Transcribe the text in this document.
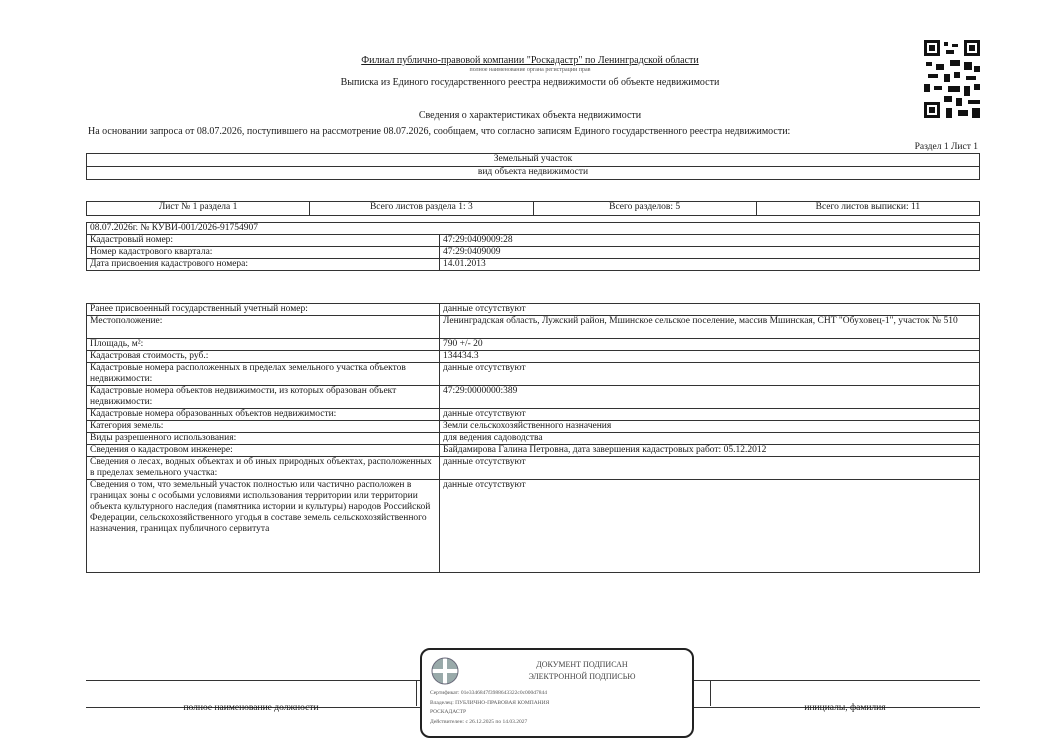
Филиал публично-правовой компании "Роскадастр" по Ленинградской области
полное наименование органа регистрации прав
Выписка из Единого государственного реестра недвижимости об объекте недвижимости
Сведения о характеристиках объекта недвижимости
На основании запроса от 08.07.2026, поступившего на рассмотрение 08.07.2026, сообщаем, что согласно записям Единого государственного реестра недвижимости:
Раздел 1 Лист 1
Земельный участок
вид объекта недвижимости
Лист № 1 раздела 1	Всего листов раздела 1: 3	Всего разделов: 5	Всего листов выписки: 11
08.07.2026г. № КУВИ-001/2026-91754907	
Кадастровый номер:	47:29:0409009:28
Номер кадастрового квартала:	47:29:0409009
Дата присвоения кадастрового номера:	14.01.2013
Ранее присвоенный государственный учетный номер:	данные отсутствуют
Местоположение:	Ленинградская область, Лужский район, Мшинское сельское поселение, массив Мшинская, СНТ "Обуховец-1", участок № 510
Площадь, м²:	790 +/- 20
Кадастровая стоимость, руб.:	134434.3
Кадастровые номера расположенных в пределах земельного участка объектов недвижимости:	данные отсутствуют
Кадастровые номера объектов недвижимости, из которых образован объект недвижимости:	47:29:0000000:389
Кадастровые номера образованных объектов недвижимости:	данные отсутствуют
Категория земель:	Земли сельскохозяйственного назначения
Виды разрешенного использования:	для ведения садоводства
Сведения о кадастровом инженере:	Байдамирова Галина Петровна, дата завершения кадастровых работ: 05.12.2012
Сведения о лесах, водных объектах и об иных природных объектах, расположенных в пределах земельного участка:	данные отсутствуют
Сведения о том, что земельный участок полностью или частично расположен в границах зоны с особыми условиями использования территории или территории объекта культурного наследия (памятника истории и культуры) народов Российской Федерации, сельскохозяйственного угодья в составе земель сельскохозяйственного назначения, границах публичного сервитута	данные отсутствуют
полное наименование должности	инициалы, фамилия
ДОКУМЕНТ ПОДПИСАН
ЭЛЕКТРОННОЙ ПОДПИСЬЮ
Сертификат: 01e3346847f3988643322c0c000d7844
Владелец: ПУБЛИЧНО-ПРАВОВАЯ КОМПАНИЯ
РОСКАДАСТР
Действителен: с 26.12.2025 по 14.03.2027
